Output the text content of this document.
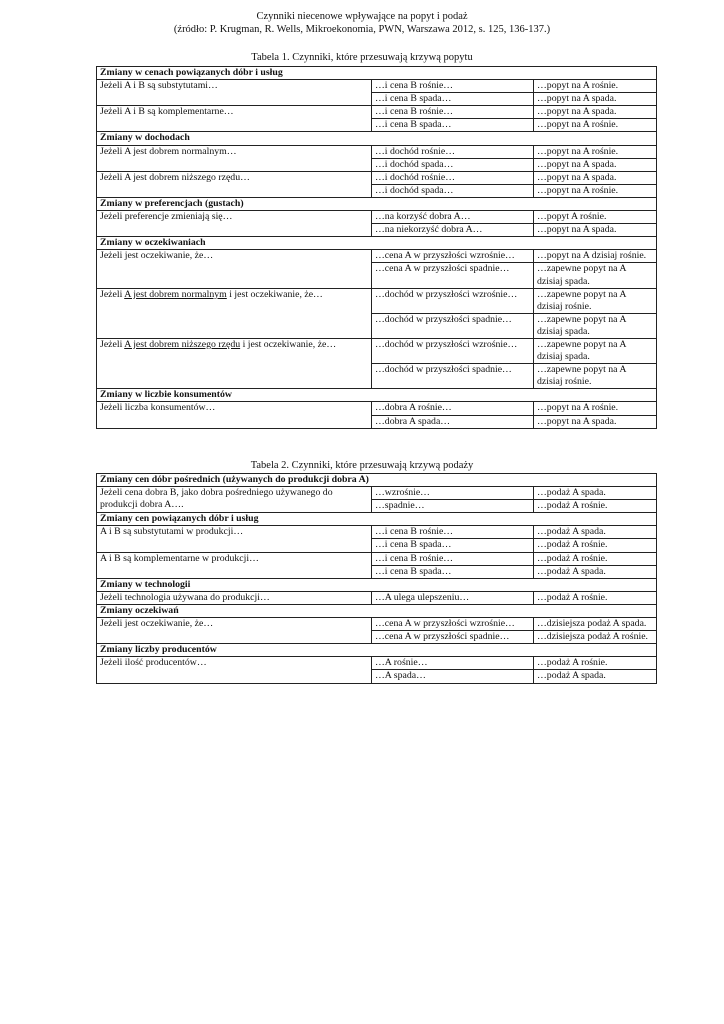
Czynniki niecenowe wpływające na popyt i podaż
(źródło: P. Krugman, R. Wells, Mikroekonomia, PWN, Warszawa 2012, s. 125, 136-137.)
Tabela 1. Czynniki, które przesuwają krzywą popytu
Zmiany w cenach powiązanych dóbr i usług		
Jeżeli A i B są substytutami…	…i cena B rośnie…	…popyt na A rośnie.
	…i cena B spada…	…popyt na A spada.
Jeżeli A i B są komplementarne…	…i cena B rośnie…	…popyt na A spada.
	…i cena B spada…	…popyt na A rośnie.
Zmiany w dochodach		
Jeżeli A jest dobrem normalnym…	…i dochód rośnie…	…popyt na A rośnie.
	…i dochód spada…	…popyt na A spada.
Jeżeli A jest dobrem niższego rzędu…	…i dochód rośnie…	…popyt na A spada.
	…i dochód spada…	…popyt na A rośnie.
Zmiany w preferencjach (gustach)		
Jeżeli preferencje zmieniają się…	…na korzyść dobra A…	…popyt A rośnie.
	…na niekorzyść dobra A…	…popyt na A spada.
Zmiany w oczekiwaniach		
Jeżeli jest oczekiwanie, że…	…cena A w przyszłości wzrośnie…	…popyt na A dzisiaj rośnie.
	…cena A w przyszłości spadnie…	…zapewne popyt na A dzisiaj spada.
Jeżeli A jest dobrem normalnym i jest oczekiwanie, że…	…dochód w przyszłości wzrośnie…	…zapewne popyt na A dzisiaj rośnie.
	…dochód w przyszłości spadnie…	…zapewne popyt na A dzisiaj spada.
Jeżeli A jest dobrem niższego rzędu i jest oczekiwanie, że…	…dochód w przyszłości wzrośnie…	…zapewne popyt na A dzisiaj spada.
	…dochód w przyszłości spadnie…	…zapewne popyt na A dzisiaj rośnie.
Zmiany w liczbie konsumentów		
Jeżeli liczba konsumentów…	…dobra A rośnie…	…popyt na A rośnie.
	…dobra A spada…	…popyt na A spada.
Tabela 2. Czynniki, które przesuwają krzywą podaży
Zmiany cen dóbr pośrednich (używanych do produkcji dobra A)		
Jeżeli cena dobra B, jako dobra pośredniego używanego do produkcji dobra A….	…wzrośnie…	…podaż A spada.
	…spadnie…	…podaż A rośnie.
Zmiany cen powiązanych dóbr i usług		
A i B są substytutami w produkcji…	…i cena B rośnie…	…podaż A spada.
	…i cena B spada…	…podaż A rośnie.
A i B są komplementarne w produkcji…	…i cena B rośnie…	…podaż A rośnie.
	…i cena B spada…	…podaż A spada.
Zmiany w technologii		
Jeżeli technologia używana do produkcji…	…A ulega ulepszeniu…	…podaż A rośnie.
Zmiany oczekiwań		
Jeżeli jest oczekiwanie, że…	…cena A w przyszłości wzrośnie…	…dzisiejsza podaż A spada.
	…cena A w przyszłości spadnie…	…dzisiejsza podaż A rośnie.
Zmiany liczby producentów		
Jeżeli ilość producentów…	…A rośnie…	…podaż A rośnie.
	…A spada…	…podaż A spada.
